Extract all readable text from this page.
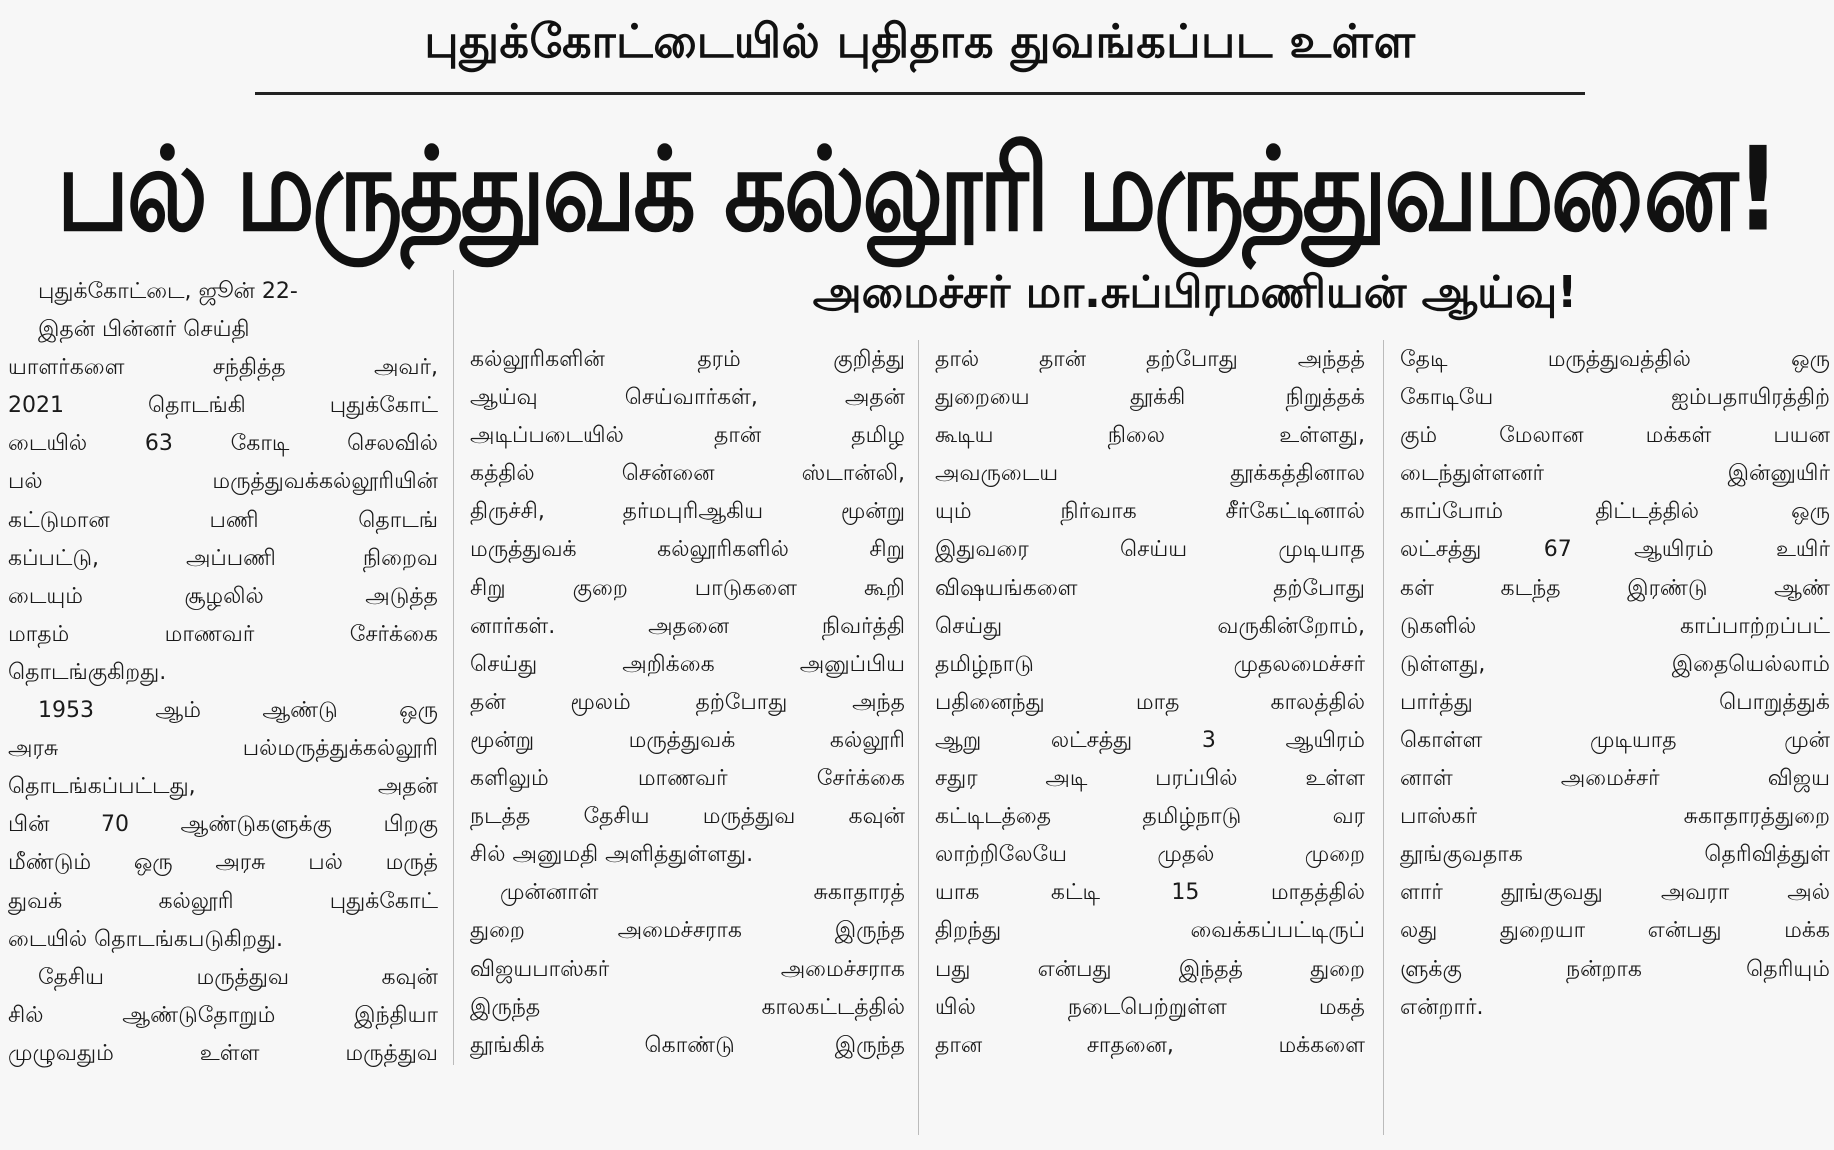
புதுக்கோட்டையில் புதிதாக துவங்கப்பட உள்ள
பல் மருத்துவக் கல்லூரி மருத்துவமனை!
அமைச்சர் மா.சுப்பிரமணியன் ஆய்வு!
புதுக்கோட்டை, ஜூன் 22-
இதன் பின்னர் செய்தி
யாளர்களை சந்தித்த அவர்,
2021 தொடங்கி புதுக்கோட்
டையில் 63 கோடி செலவில்
பல் மருத்துவக்கல்லூரியின்
கட்டுமான பணி தொடங்
கப்பட்டு, அப்பணி நிறைவ
டையும் சூழலில் அடுத்த
மாதம் மாணவர் சேர்க்கை
தொடங்குகிறது.
1953 ஆம் ஆண்டு ஒரு
அரசு பல்மருத்துக்கல்லூரி
தொடங்கப்பட்டது, அதன்
பின் 70 ஆண்டுகளுக்கு பிறகு
மீண்டும் ஒரு அரசு பல் மருத்
துவக் கல்லூரி புதுக்கோட்
டையில் தொடங்கபடுகிறது.
தேசிய மருத்துவ கவுன்
சில் ஆண்டுதோறும் இந்தியா
முழுவதும் உள்ள மருத்துவ
கல்லூரிகளின் தரம் குறித்து
ஆய்வு செய்வார்கள், அதன்
அடிப்படையில் தான் தமிழ
கத்தில் சென்னை ஸ்டான்லி,
திருச்சி, தர்மபுரிஆகிய மூன்று
மருத்துவக் கல்லூரிகளில் சிறு
சிறு குறை பாடுகளை கூறி
னார்கள். அதனை நிவர்த்தி
செய்து அறிக்கை அனுப்பிய
தன் மூலம் தற்போது அந்த
மூன்று மருத்துவக் கல்லூரி
களிலும் மாணவர் சேர்க்கை
நடத்த தேசிய மருத்துவ கவுன்
சில் அனுமதி அளித்துள்ளது.
முன்னாள் சுகாதாரத்
துறை அமைச்சராக இருந்த
விஜயபாஸ்கர் அமைச்சராக
இருந்த காலகட்டத்தில்
தூங்கிக் கொண்டு இருந்த
தால் தான் தற்போது அந்தத்
துறையை தூக்கி நிறுத்தக்
கூடிய நிலை உள்ளது,
அவருடைய தூக்கத்தினால
யும் நிர்வாக சீர்கேட்டினால்
இதுவரை செய்ய முடியாத
விஷயங்களை தற்போது
செய்து வருகின்றோம்,
தமிழ்நாடு முதலமைச்சர்
பதினைந்து மாத காலத்தில்
ஆறு லட்சத்து 3 ஆயிரம்
சதுர அடி பரப்பில் உள்ள
கட்டிடத்தை தமிழ்நாடு வர
லாற்றிலேயே முதல் முறை
யாக கட்டி 15 மாதத்தில்
திறந்து வைக்கப்பட்டிருப்
பது என்பது இந்தத் துறை
யில் நடைபெற்றுள்ள மகத்
தான சாதனை, மக்களை
தேடி மருத்துவத்தில் ஒரு
கோடியே ஐம்பதாயிரத்திற்
கும் மேலான மக்கள் பயன
டைந்துள்ளனர் இன்னுயிர்
காப்போம் திட்டத்தில் ஒரு
லட்சத்து 67 ஆயிரம் உயிர்
கள் கடந்த இரண்டு ஆண்
டுகளில் காப்பாற்றப்பட்
டுள்ளது, இதையெல்லாம்
பார்த்து பொறுத்துக்
கொள்ள முடியாத முன்
னாள் அமைச்சர் விஜய
பாஸ்கர் சுகாதாரத்துறை
தூங்குவதாக தெரிவித்துள்
ளார் தூங்குவது அவரா அல்
லது துறையா என்பது மக்க
ளுக்கு நன்றாக தெரியும்
என்றார்.
